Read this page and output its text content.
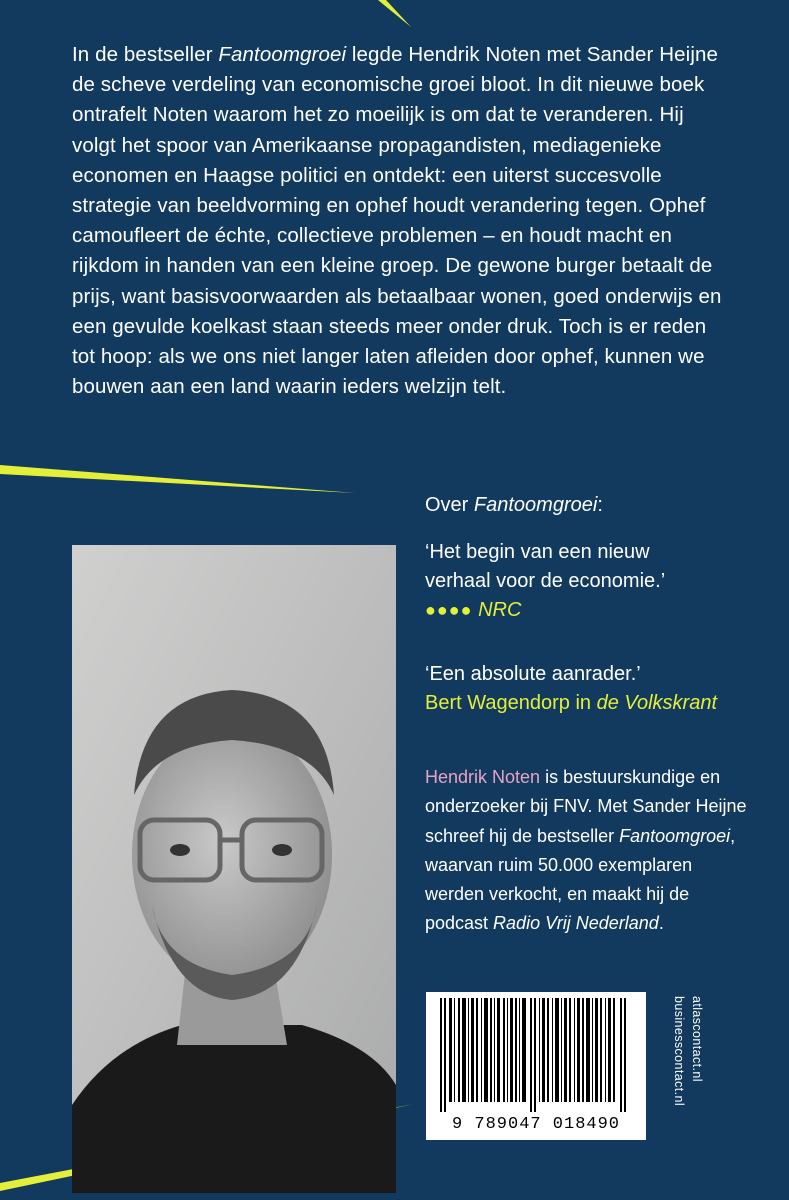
In de bestseller Fantoomgroei legde Hendrik Noten met Sander Heijne de scheve verdeling van economische groei bloot. In dit nieuwe boek ontrafelt Noten waarom het zo moeilijk is om dat te veranderen. Hij volgt het spoor van Amerikaanse propagandisten, mediagenieke economen en Haagse politici en ontdekt: een uiterst succesvolle strategie van beeldvorming en ophef houdt verandering tegen. Ophef camoufleert de échte, collectieve problemen – en houdt macht en rijkdom in handen van een kleine groep. De gewone burger betaalt de prijs, want basisvoorwaarden als betaalbaar wonen, goed onderwijs en een gevulde koelkast staan steeds meer onder druk. Toch is er reden tot hoop: als we ons niet langer laten afleiden door ophef, kunnen we bouwen aan een land waarin ieders welzijn telt.
Over Fantoomgroei:
‘Het begin van een nieuw verhaal voor de economie.’
●●●● NRC
‘Een absolute aanrader.’
Bert Wagendorp in de Volkskrant
Hendrik Noten is bestuurskundige en onderzoeker bij FNV. Met Sander Heijne schreef hij de bestseller Fantoomgroei, waarvan ruim 50.000 exemplaren werden verkocht, en maakt hij de podcast Radio Vrij Nederland.
9 789047 018490
atlascontact.nl
businesscontact.nl
